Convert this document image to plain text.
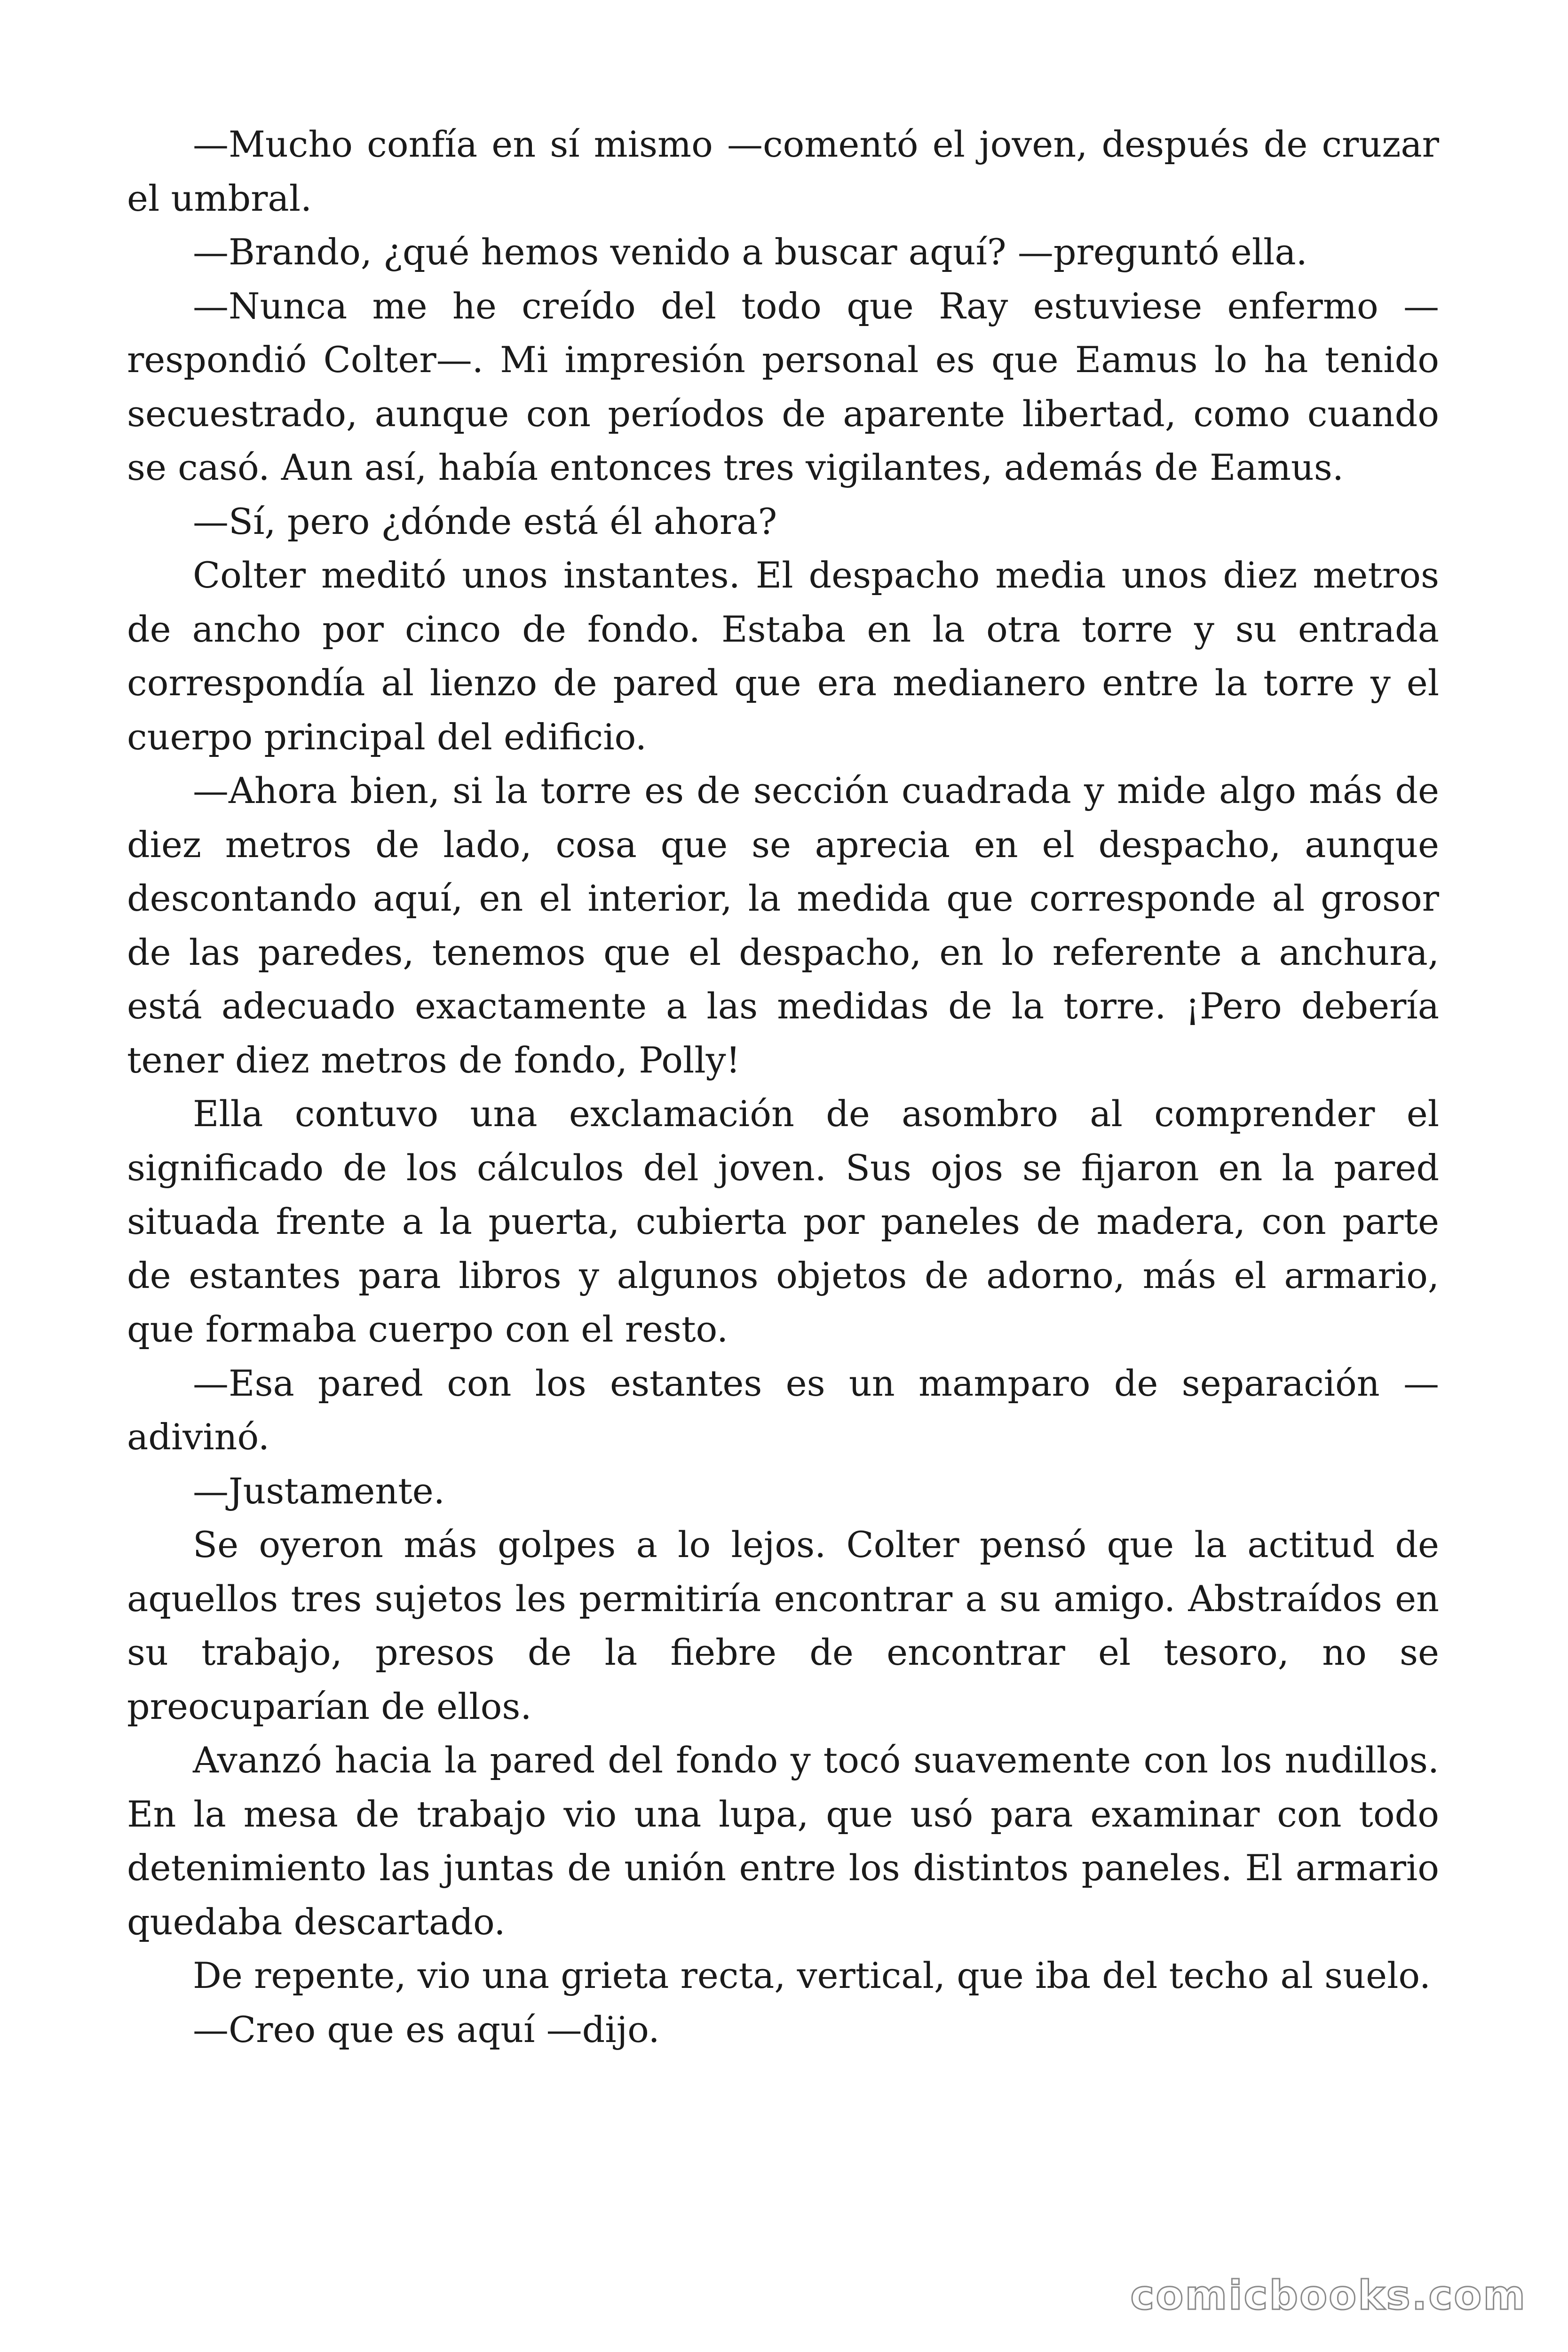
—Mucho confía en sí mismo —comentó el joven, después de cruzar el umbral.

—Brando, ¿qué hemos venido a buscar aquí? —preguntó ella.

—Nunca me he creído del todo que Ray estuviese enfermo —respondió Colter—. Mi impresión personal es que Eamus lo ha tenido secuestrado, aunque con períodos de aparente libertad, como cuando se casó. Aun así, había entonces tres vigilantes, además de Eamus.

—Sí, pero ¿dónde está él ahora?

Colter meditó unos instantes. El despacho media unos diez metros de ancho por cinco de fondo. Estaba en la otra torre y su entrada correspondía al lienzo de pared que era medianero entre la torre y el cuerpo principal del edificio.

—Ahora bien, si la torre es de sección cuadrada y mide algo más de diez metros de lado, cosa que se aprecia en el despacho, aunque descontando aquí, en el interior, la medida que corresponde al grosor de las paredes, tenemos que el despacho, en lo referente a anchura, está adecuado exactamente a las medidas de la torre. ¡Pero debería tener diez metros de fondo, Polly!

Ella contuvo una exclamación de asombro al comprender el significado de los cálculos del joven. Sus ojos se fijaron en la pared situada frente a la puerta, cubierta por paneles de madera, con parte de estantes para libros y algunos objetos de adorno, más el armario, que formaba cuerpo con el resto.

—Esa pared con los estantes es un mamparo de separación —adivinó.

—Justamente.

Se oyeron más golpes a lo lejos. Colter pensó que la actitud de aquellos tres sujetos les permitiría encontrar a su amigo. Abstraídos en su trabajo, presos de la fiebre de encontrar el tesoro, no se preocuparían de ellos.

Avanzó hacia la pared del fondo y tocó suavemente con los nudillos. En la mesa de trabajo vio una lupa, que usó para examinar con todo detenimiento las juntas de unión entre los distintos paneles. El armario quedaba descartado.

De repente, vio una grieta recta, vertical, que iba del techo al suelo.

—Creo que es aquí —dijo.

comicbooks.com
